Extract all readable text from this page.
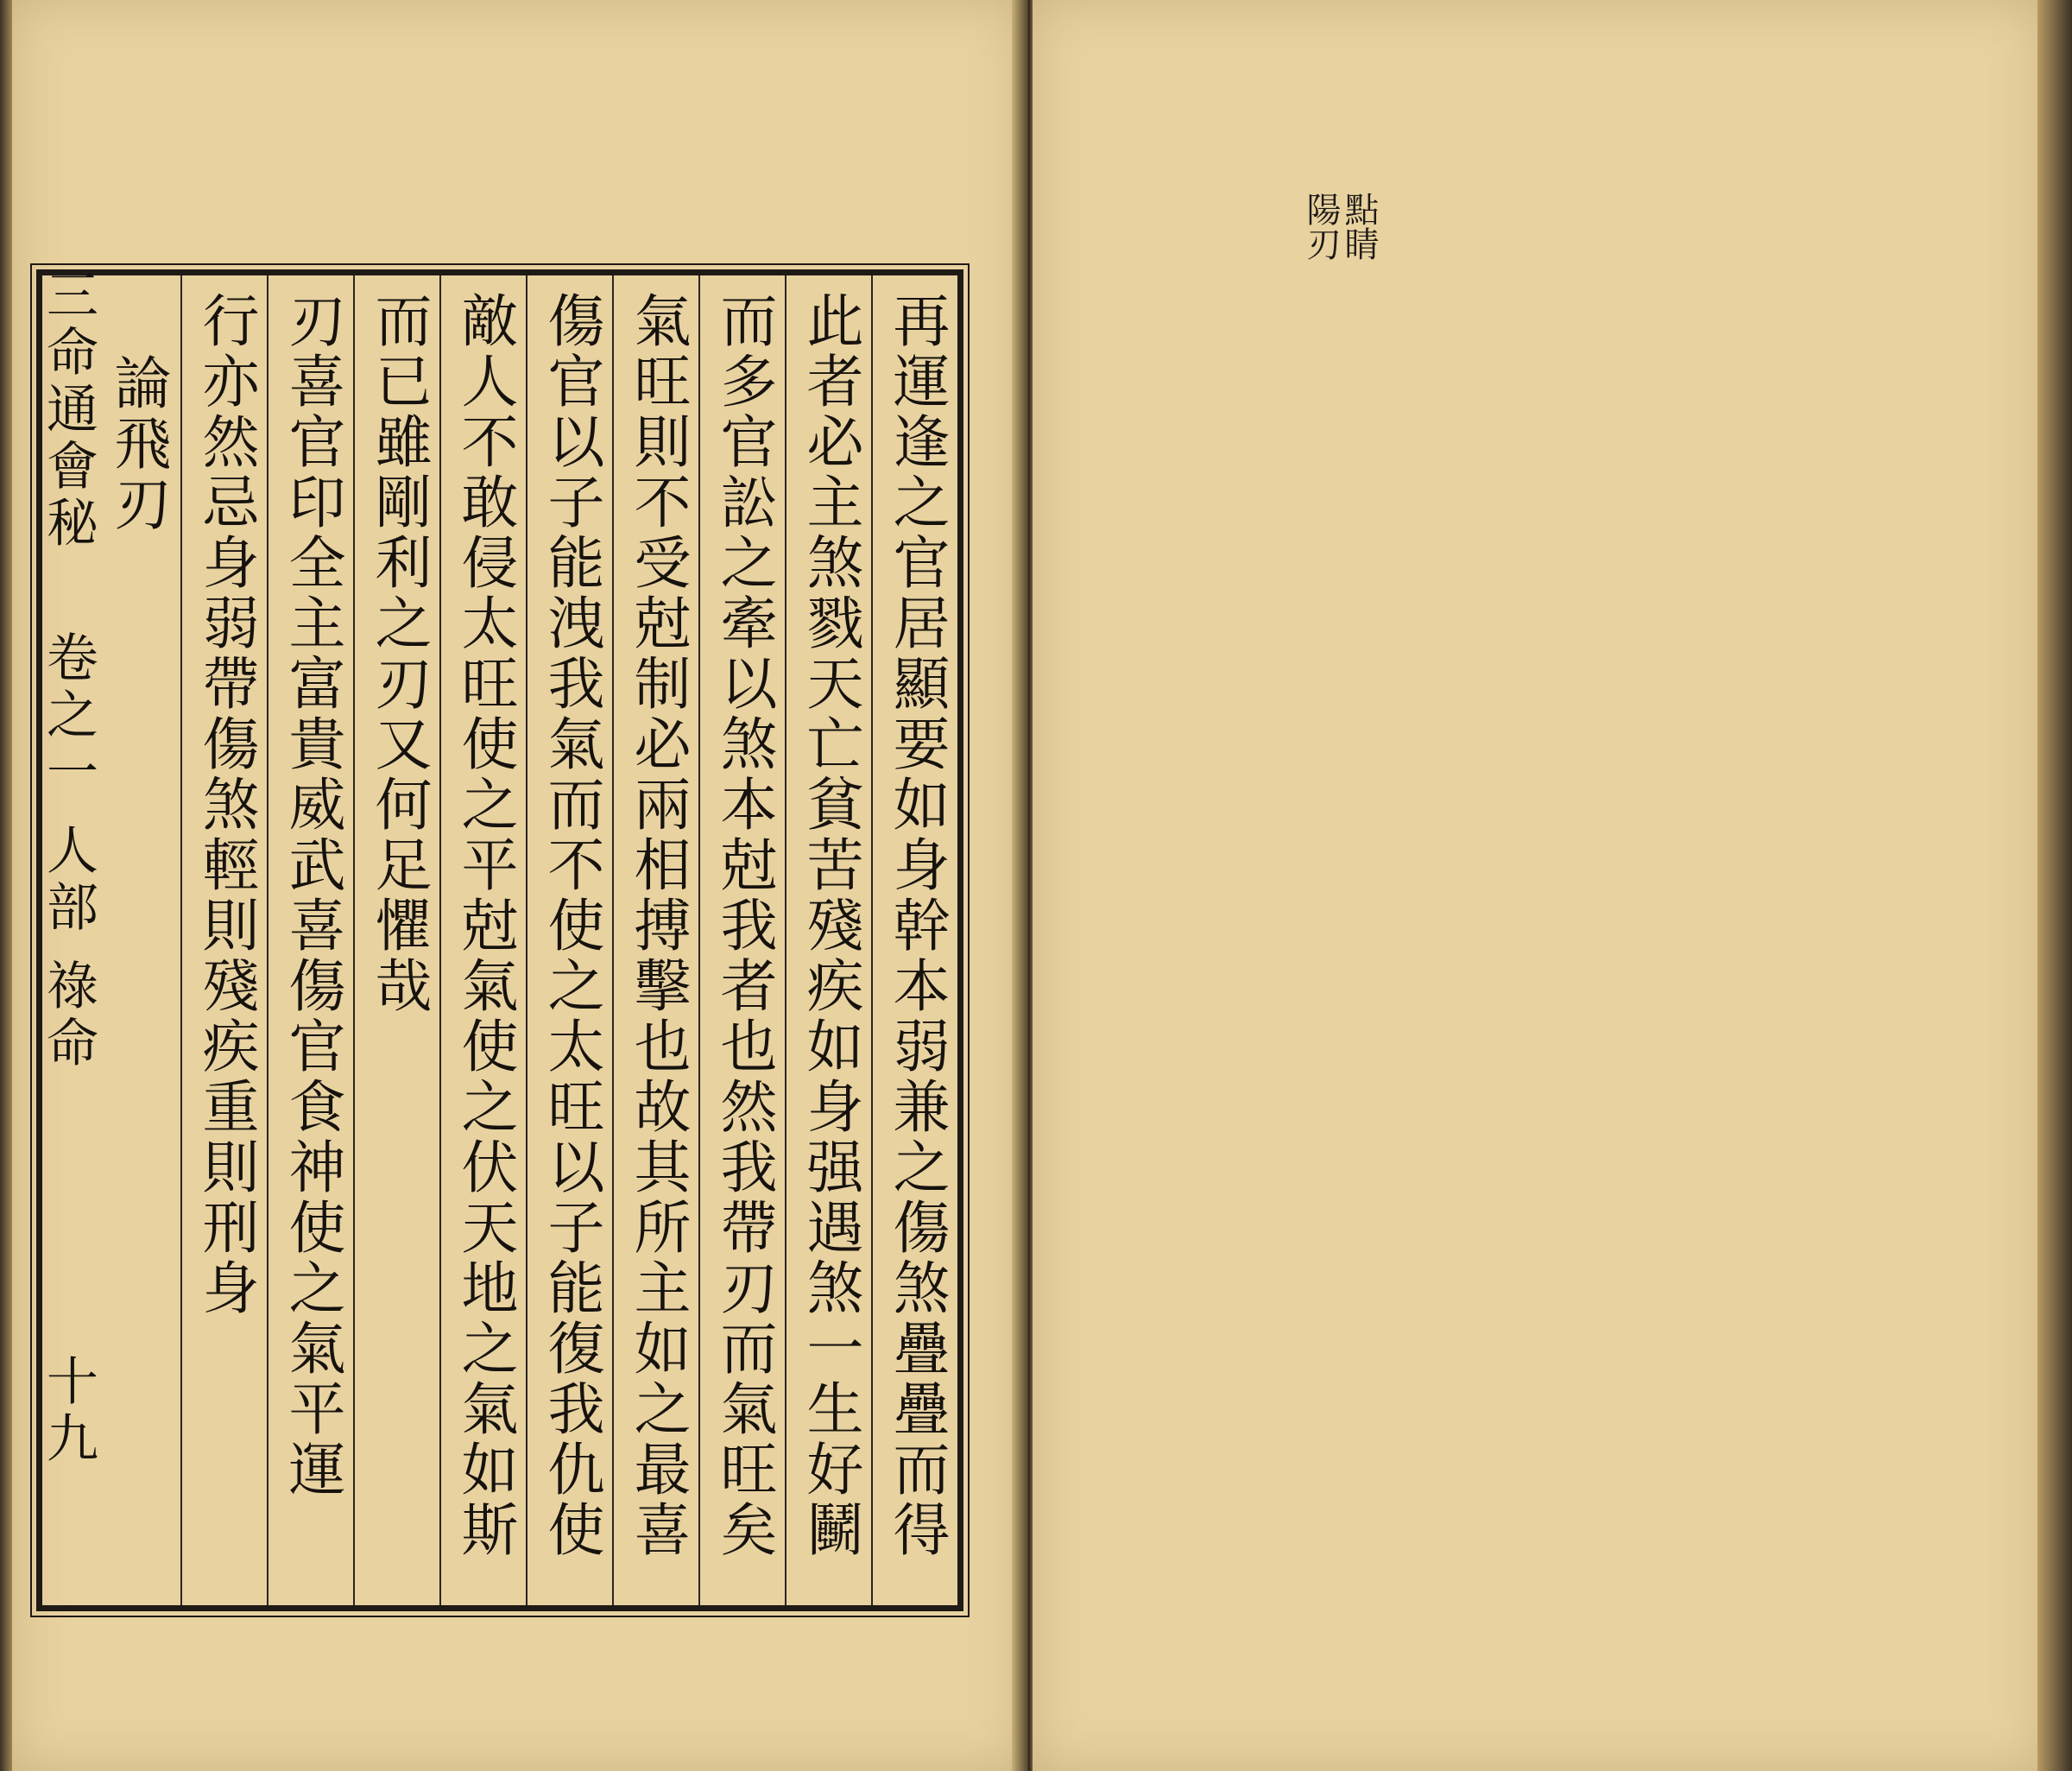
再運逢之官居顯要如身幹本弱兼之傷煞疊疊而得
此者必主煞戮天亡貧苦殘疾如身强遇煞一生好鬭
而多官訟之牽以煞本尅我者也然我帶刃而氣旺矣
氣旺則不受尅制必兩相搏擊也故其所主如之最喜
傷官以子能洩我氣而不使之太旺以子能復我仇使
敵人不敢侵太旺使之平尅氣使之伏天地之氣如斯
而已雖剛利之刃又何足懼哉
刃喜官印全主富貴威武喜傷官食神使之氣平運
行亦然忌身弱帶傷煞輕則殘疾重則刑身
論飛刃
三命通會秘
卷之一 人部 祿命
十九
點睛
陽刃
